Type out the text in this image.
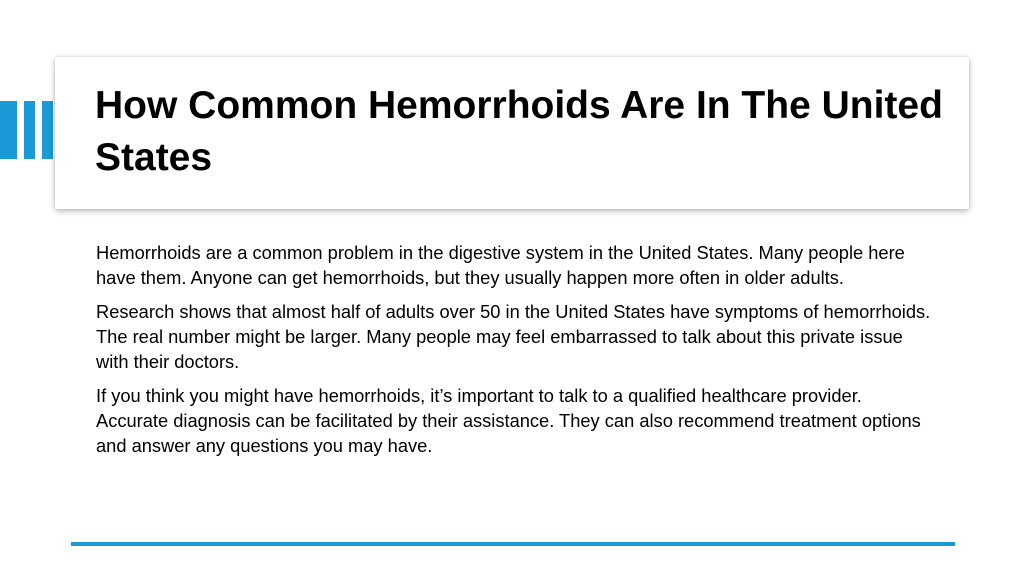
How Common Hemorrhoids Are In The United States

Hemorrhoids are a common problem in the digestive system in the United States. Many people here have them. Anyone can get hemorrhoids, but they usually happen more often in older adults.

Research shows that almost half of adults over 50 in the United States have symptoms of hemorrhoids. The real number might be larger. Many people may feel embarrassed to talk about this private issue with their doctors.

If you think you might have hemorrhoids, it’s important to talk to a qualified healthcare provider. Accurate diagnosis can be facilitated by their assistance. They can also recommend treatment options and answer any questions you may have.
